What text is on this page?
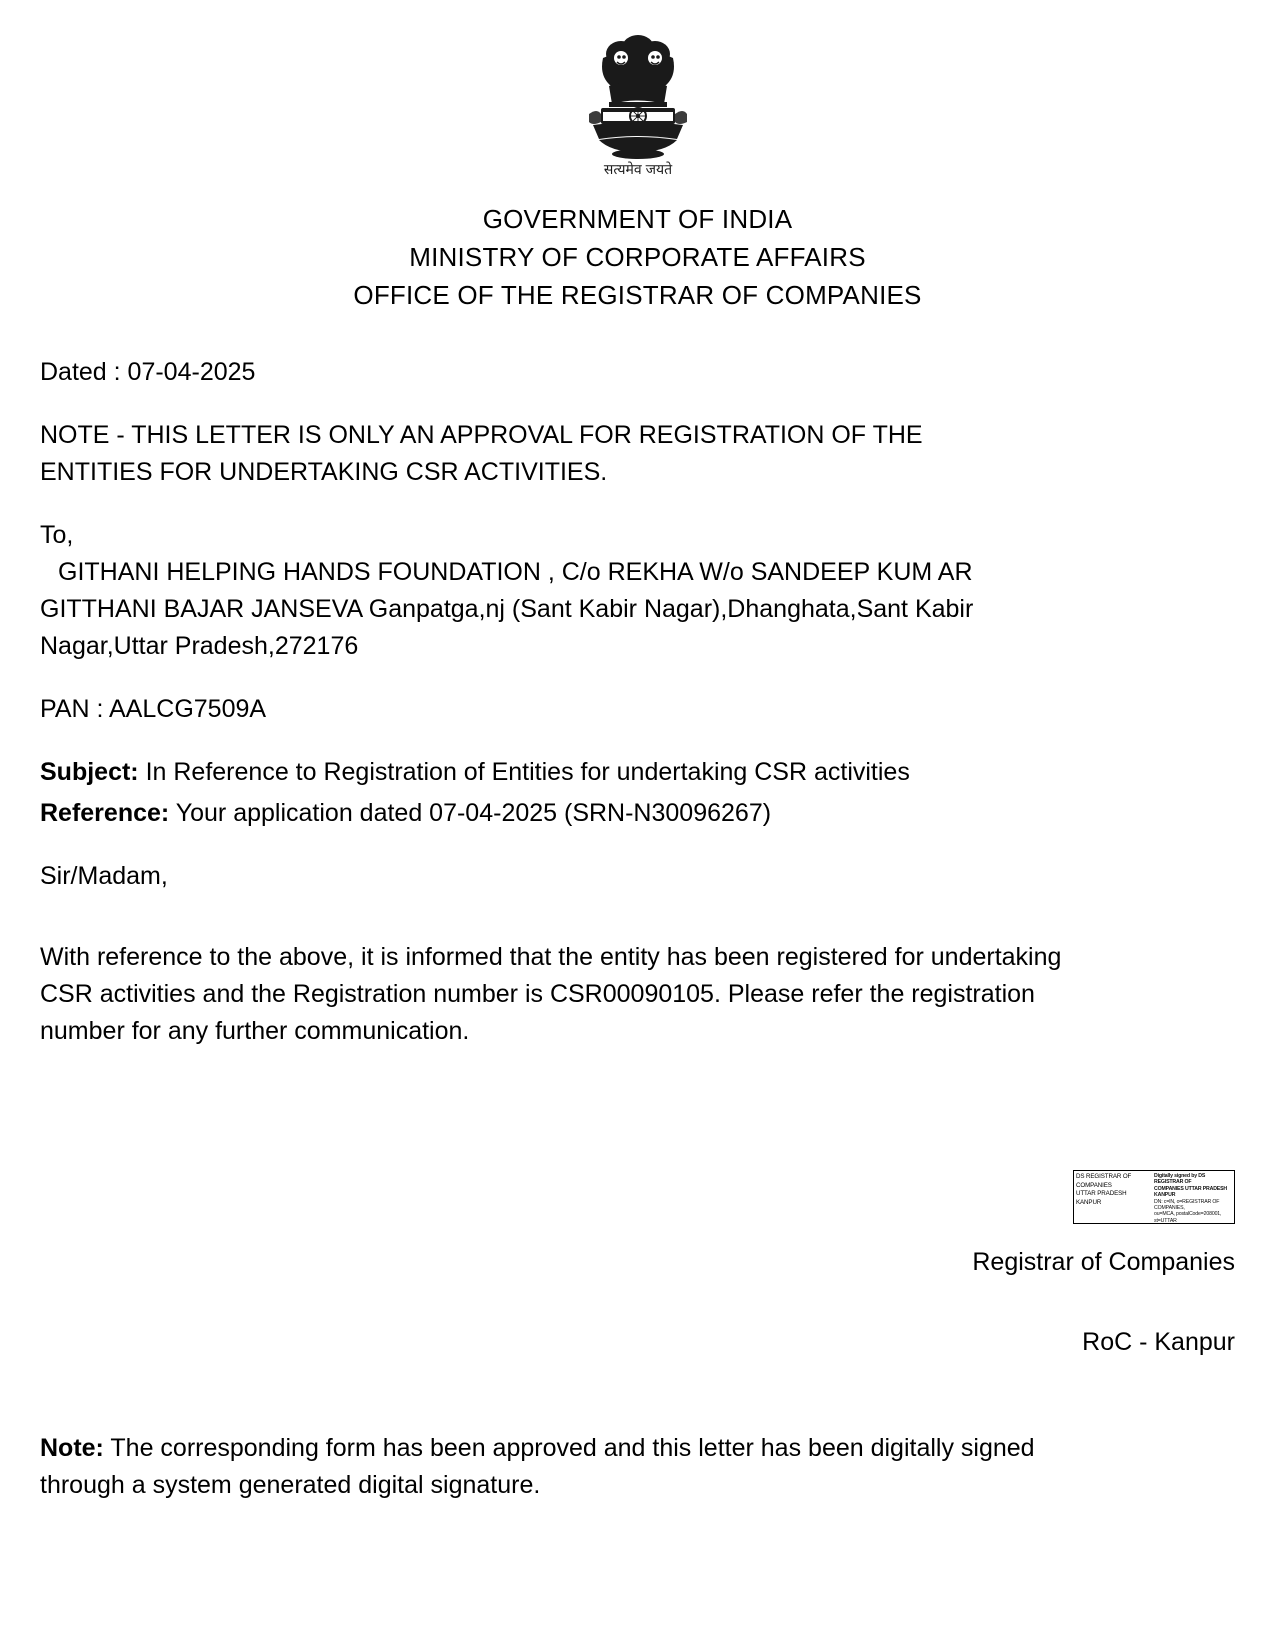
सत्यमेव जयते
GOVERNMENT OF INDIA
MINISTRY OF CORPORATE AFFAIRS
OFFICE OF THE REGISTRAR OF COMPANIES
Dated : 07-04-2025
NOTE - THIS LETTER IS ONLY AN APPROVAL FOR REGISTRATION OF THE
ENTITIES FOR UNDERTAKING CSR ACTIVITIES.
To,
GITHANI HELPING HANDS FOUNDATION , C/o REKHA W/o SANDEEP KUM AR
GITTHANI BAJAR JANSEVA Ganpatga,nj (Sant Kabir Nagar),Dhanghata,Sant Kabir
Nagar,Uttar Pradesh,272176
PAN : AALCG7509A
Subject: In Reference to Registration of Entities for undertaking CSR activities
Reference: Your application dated 07-04-2025 (SRN-N30096267)
Sir/Madam,
With reference to the above, it is informed that the entity has been registered for undertaking
CSR activities and the Registration number is CSR00090105. Please refer the registration
number for any further communication.
DS REGISTRAR OF
COMPANIES
UTTAR PRADESH
KANPUR
Digitally signed by DS REGISTRAR OF
COMPANIES UTTAR PRADESH KANPUR
DN: c=IN, o=REGISTRAR OF COMPANIES,
ou=MCA, postalCode=208001, st=UTTAR
Registrar of Companies
RoC - Kanpur
Note: The corresponding form has been approved and this letter has been digitally signed
through a system generated digital signature.
